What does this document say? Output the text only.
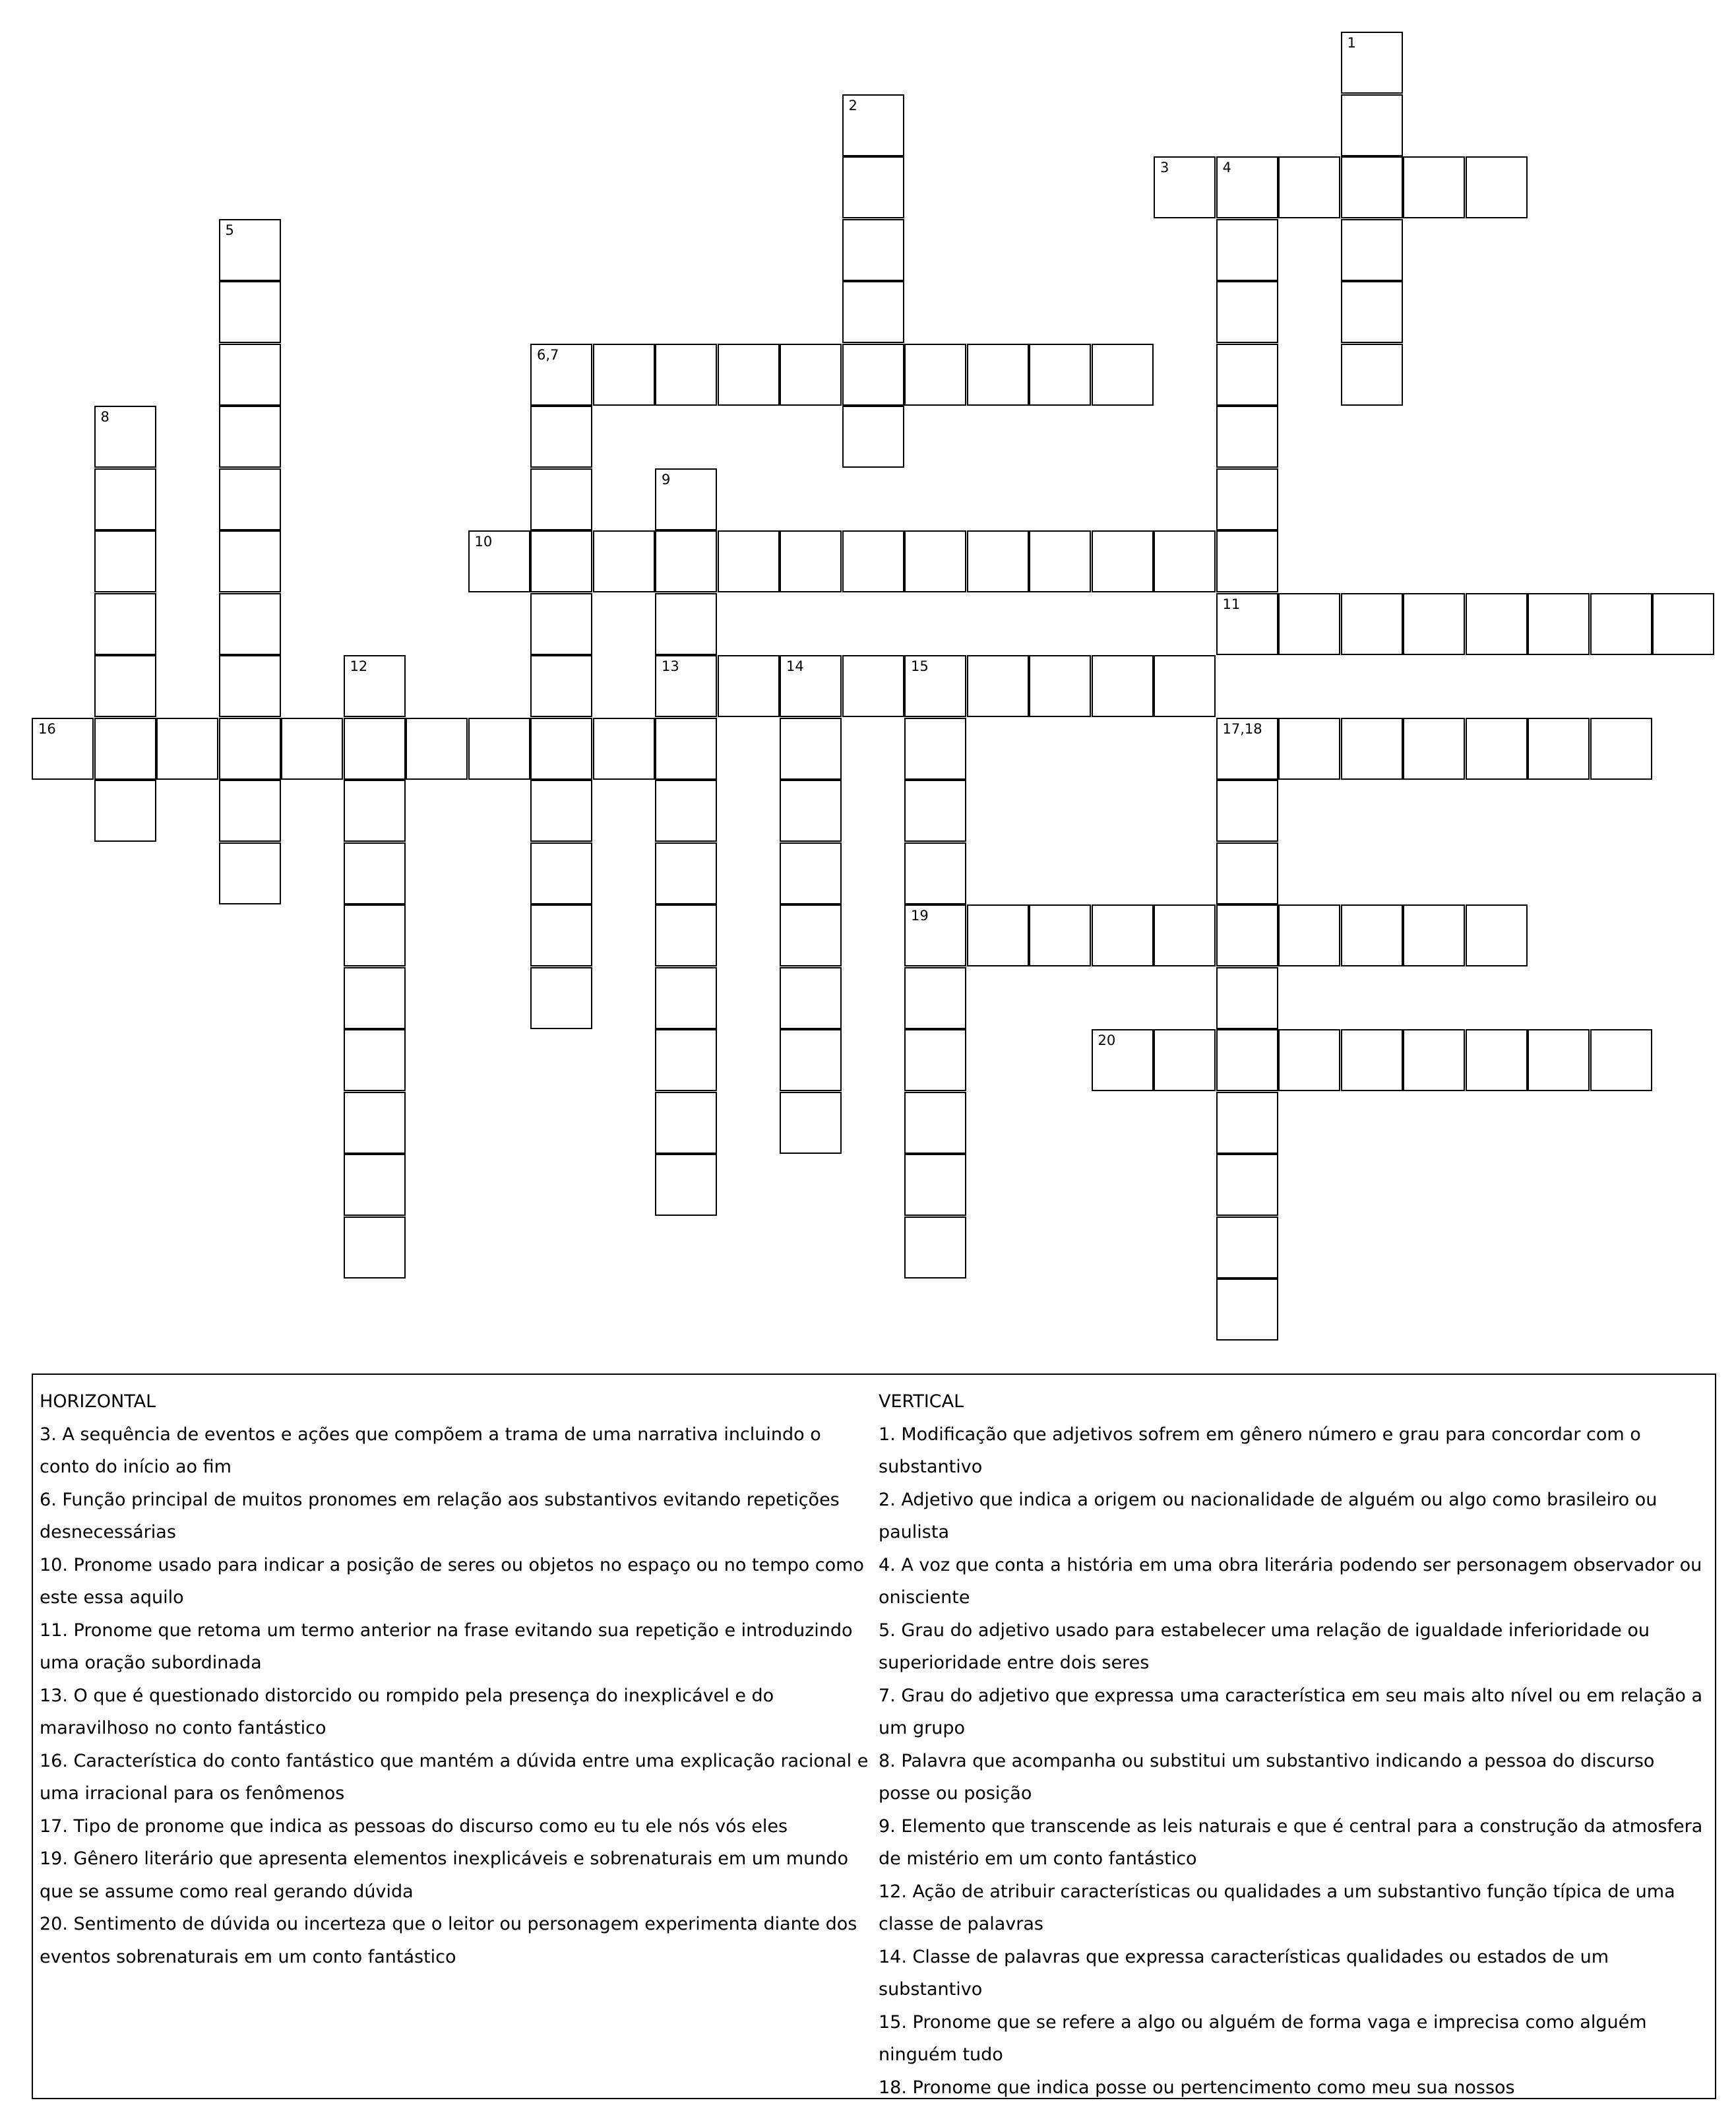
1
2
3	4
5
6,7
8
9
10
11
12	13	14	15
16	17,18
19
20

HORIZONTAL

3. A sequência de eventos e ações que compõem a trama de uma narrativa incluindo o conto do início ao fim

6. Função principal de muitos pronomes em relação aos substantivos evitando repetições desnecessárias

10. Pronome usado para indicar a posição de seres ou objetos no espaço ou no tempo como este essa aquilo

11. Pronome que retoma um termo anterior na frase evitando sua repetição e introduzindo uma oração subordinada

13. O que é questionado distorcido ou rompido pela presença do inexplicável e do maravilhoso no conto fantástico

16. Característica do conto fantástico que mantém a dúvida entre uma explicação racional e uma irracional para os fenômenos

17. Tipo de pronome que indica as pessoas do discurso como eu tu ele nós vós eles

19. Gênero literário que apresenta elementos inexplicáveis e sobrenaturais em um mundo que se assume como real gerando dúvida

20. Sentimento de dúvida ou incerteza que o leitor ou personagem experimenta diante dos eventos sobrenaturais em um conto fantástico

VERTICAL

1. Modificação que adjetivos sofrem em gênero número e grau para concordar com o substantivo

2. Adjetivo que indica a origem ou nacionalidade de alguém ou algo como brasileiro ou paulista

4. A voz que conta a história em uma obra literária podendo ser personagem observador ou onisciente

5. Grau do adjetivo usado para estabelecer uma relação de igualdade inferioridade ou superioridade entre dois seres

7. Grau do adjetivo que expressa uma característica em seu mais alto nível ou em relação a um grupo

8. Palavra que acompanha ou substitui um substantivo indicando a pessoa do discurso posse ou posição

9. Elemento que transcende as leis naturais e que é central para a construção da atmosfera de mistério em um conto fantástico

12. Ação de atribuir características ou qualidades a um substantivo função típica de uma classe de palavras

14. Classe de palavras que expressa características qualidades ou estados de um substantivo

15. Pronome que se refere a algo ou alguém de forma vaga e imprecisa como alguém ninguém tudo

18. Pronome que indica posse ou pertencimento como meu sua nossos
